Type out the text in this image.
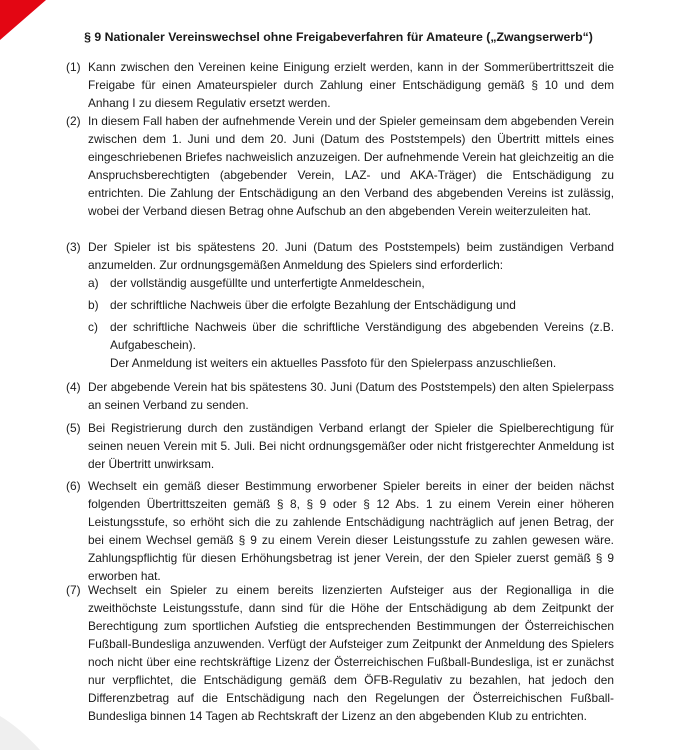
§ 9 Nationaler Vereinswechsel ohne Freigabeverfahren für Amateure („Zwangserwerb“)
(1) Kann zwischen den Vereinen keine Einigung erzielt werden, kann in der Sommerübertrittszeit die Freigabe für einen Amateurspieler durch Zahlung einer Entschädigung gemäß § 10 und dem Anhang I zu diesem Regulativ ersetzt werden.

(2) In diesem Fall haben der aufnehmende Verein und der Spieler gemeinsam dem abgebenden Verein zwischen dem 1. Juni und dem 20. Juni (Datum des Poststempels) den Übertritt mittels eines eingeschriebenen Briefes nachweislich anzuzeigen. Der aufnehmende Verein hat gleichzeitig an die Anspruchsberechtigten (abgebender Verein, LAZ- und AKA-Träger) die Entschädigung zu entrichten. Die Zahlung der Entschädigung an den Verband des abgebenden Vereins ist zulässig, wobei der Verband diesen Betrag ohne Aufschub an den abgebenden Verein weiterzuleiten hat.

(3) Der Spieler ist bis spätestens 20. Juni (Datum des Poststempels) beim zuständigen Verband anzumelden. Zur ordnungsgemäßen Anmeldung des Spielers sind erforderlich:

a) der vollständig ausgefüllte und unterfertigte Anmeldeschein,

b) der schriftliche Nachweis über die erfolgte Bezahlung der Entschädigung und

c) der schriftliche Nachweis über die schriftliche Verständigung des abgebenden Vereins (z.B. Aufgabeschein).

Der Anmeldung ist weiters ein aktuelles Passfoto für den Spielerpass anzuschließen.

(4) Der abgebende Verein hat bis spätestens 30. Juni (Datum des Poststempels) den alten Spielerpass an seinen Verband zu senden.

(5) Bei Registrierung durch den zuständigen Verband erlangt der Spieler die Spielberechtigung für seinen neuen Verein mit 5. Juli. Bei nicht ordnungsgemäßer oder nicht fristgerechter Anmeldung ist der Übertritt unwirksam.

(6) Wechselt ein gemäß dieser Bestimmung erworbener Spieler bereits in einer der beiden nächst folgenden Übertrittszeiten gemäß § 8, § 9 oder § 12 Abs. 1 zu einem Verein einer höheren Leistungsstufe, so erhöht sich die zu zahlende Entschädigung nachträglich auf jenen Betrag, der bei einem Wechsel gemäß § 9 zu einem Verein dieser Leistungsstufe zu zahlen gewesen wäre. Zahlungspflichtig für diesen Erhöhungsbetrag ist jener Verein, der den Spieler zuerst gemäß § 9 erworben hat.

(7) Wechselt ein Spieler zu einem bereits lizenzierten Aufsteiger aus der Regionalliga in die zweithöchste Leistungsstufe, dann sind für die Höhe der Entschädigung ab dem Zeitpunkt der Berechtigung zum sportlichen Aufstieg die entsprechenden Bestimmungen der Österreichischen Fußball-Bundesliga anzuwenden. Verfügt der Aufsteiger zum Zeitpunkt der Anmeldung des Spielers noch nicht über eine rechtskräftige Lizenz der Österreichischen Fußball-Bundesliga, ist er zunächst nur verpflichtet, die Entschädigung gemäß dem ÖFB-Regulativ zu bezahlen, hat jedoch den Differenzbetrag auf die Entschädigung nach den Regelungen der Österreichischen Fußball-Bundesliga binnen 14 Tagen ab Rechtskraft der Lizenz an den abgebenden Klub zu entrichten.
